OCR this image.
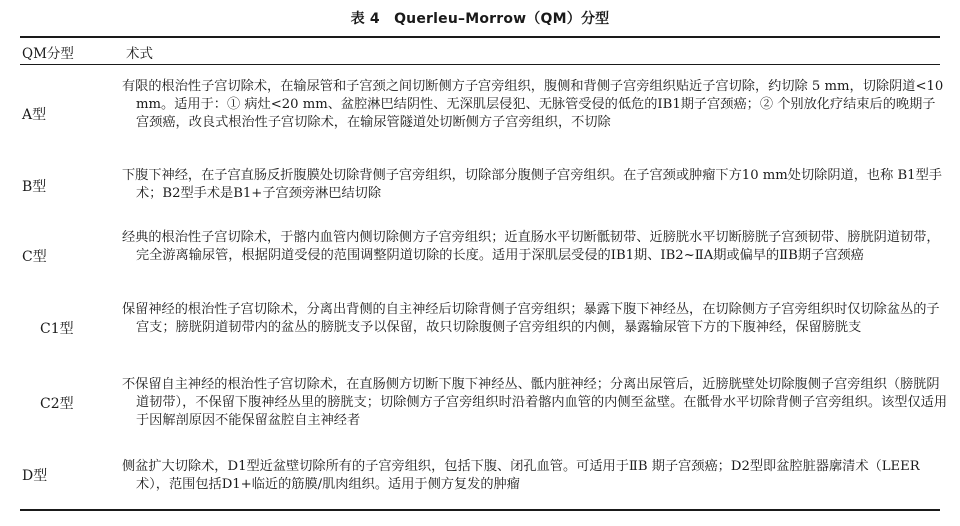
表 4　Querleu–Morrow（QM）分型
QM分型	术式
A型
有限的根治性子宫切除术，在输尿管和子宫颈之间切断侧方子宫旁组织，腹侧和背侧子宫旁组织贴近子宫切除，约切除 5 mm，切除阴道<10 mm。适用于：① 病灶<20 mm、盆腔淋巴结阴性、无深肌层侵犯、无脉管受侵的低危的ⅠB1期子宫颈癌；② 个别放化疗结束后的晚期子宫颈癌，改良式根治性子宫切除术，在输尿管隧道处切断侧方子宫旁组织，不切除
B型
下腹下神经，在子宫直肠反折腹膜处切除背侧子宫旁组织，切除部分腹侧子宫旁组织。在子宫颈或肿瘤下方10 mm处切除阴道，也称 B1型手术；B2型手术是B1+子宫颈旁淋巴结切除
C型
经典的根治性子宫切除术，于髂内血管内侧切除侧方子宫旁组织；近直肠水平切断骶韧带、近膀胱水平切断膀胱子宫颈韧带、膀胱阴道韧带，完全游离输尿管，根据阴道受侵的范围调整阴道切除的长度。适用于深肌层受侵的ⅠB1期、ⅠB2~ⅡA期或偏早的ⅡB期子宫颈癌
C1型
保留神经的根治性子宫切除术，分离出背侧的自主神经后切除背侧子宫旁组织；暴露下腹下神经丛，在切除侧方子宫旁组织时仅切除盆丛的子宫支；膀胱阴道韧带内的盆丛的膀胱支予以保留，故只切除腹侧子宫旁组织的内侧，暴露输尿管下方的下腹神经，保留膀胱支
C2型
不保留自主神经的根治性子宫切除术，在直肠侧方切断下腹下神经丛、骶内脏神经；分离出尿管后，近膀胱壁处切除腹侧子宫旁组织（膀胱阴道韧带），不保留下腹神经丛里的膀胱支；切除侧方子宫旁组织时沿着髂内血管的内侧至盆壁。在骶骨水平切除背侧子宫旁组织。该型仅适用于因解剖原因不能保留盆腔自主神经者
D型
侧盆扩大切除术，D1型近盆壁切除所有的子宫旁组织，包括下腹、闭孔血管。可适用于ⅡB 期子宫颈癌；D2型即盆腔脏器廓清术（LEER术），范围包括D1+临近的筋膜/肌肉组织。适用于侧方复发的肿瘤
